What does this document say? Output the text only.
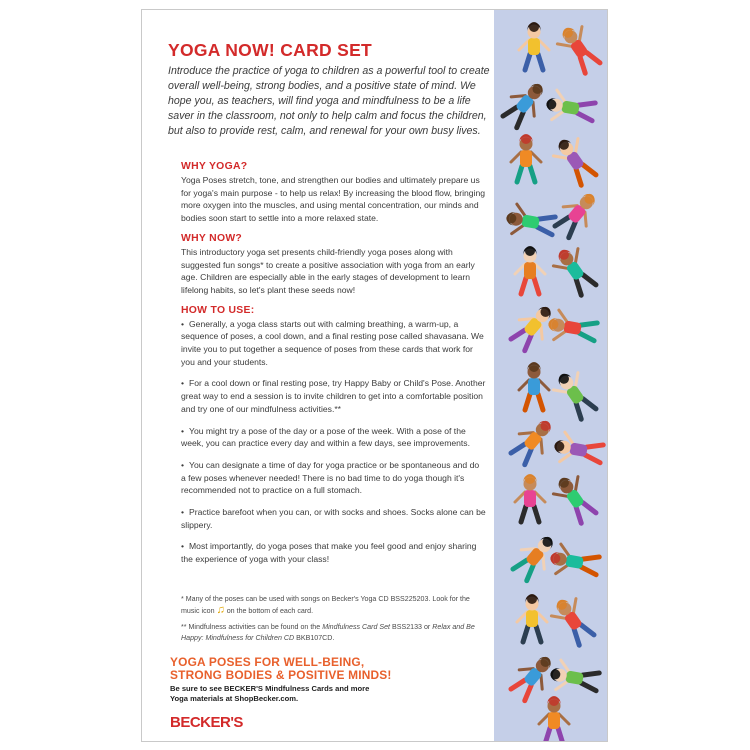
YOGA NOW! CARD SET

Introduce the practice of yoga to children as a powerful tool to create overall well-being, strong bodies, and a positive state of mind. We hope you, as teachers, will find yoga and mindfulness to be a life saver in the classroom, not only to help calm and focus the children, but also to provide rest, calm, and renewal for your own busy lives.

WHY YOGA?

Yoga Poses stretch, tone, and strengthen our bodies and ultimately prepare us for yoga's main purpose - to help us relax! By increasing the blood flow, bringing more oxygen into the muscles, and using mental concentration, our minds and bodies soon start to settle into a more relaxed state.

WHY NOW?

This introductory yoga set presents child-friendly yoga poses along with suggested fun songs* to create a positive association with yoga from an early age. Children are especially able in the early stages of development to learn lifelong habits, so let's plant these seeds now!

HOW TO USE:

• Generally, a yoga class starts out with calming breathing, a warm-up, a sequence of poses, a cool down, and a final resting pose called shavasana. We invite you to put together a sequence of poses from these cards that work for you and your students.

• For a cool down or final resting pose, try Happy Baby or Child's Pose. Another great way to end a session is to invite children to get into a comfortable position and try one of our mindfulness activities.**

• You might try a pose of the day or a pose of the week. With a pose of the week, you can practice every day and within a few days, see improvements.

• You can designate a time of day for yoga practice or be spontaneous and do a few poses whenever needed! There is no bad time to do yoga though it's recommended not to practice on a full stomach.

• Practice barefoot when you can, or with socks and shoes. Socks alone can be slippery.

• Most importantly, do yoga poses that make you feel good and enjoy sharing the experience of yoga with your class!

* Many of the poses can be used with songs on Becker's Yoga CD BSS225203. Look for the music icon ♫ on the bottom of each card.

** Mindfulness activities can be found on the Mindfulness Card Set BSS2133 or Relax and Be Happy: Mindfulness for Children CD BKB107CD.

YOGA POSES FOR WELL-BEING,
STRONG BODIES & POSITIVE MINDS!

Be sure to see BECKER'S Mindfulness Cards and more
Yoga materials at ShopBecker.com.

BECKER'S
